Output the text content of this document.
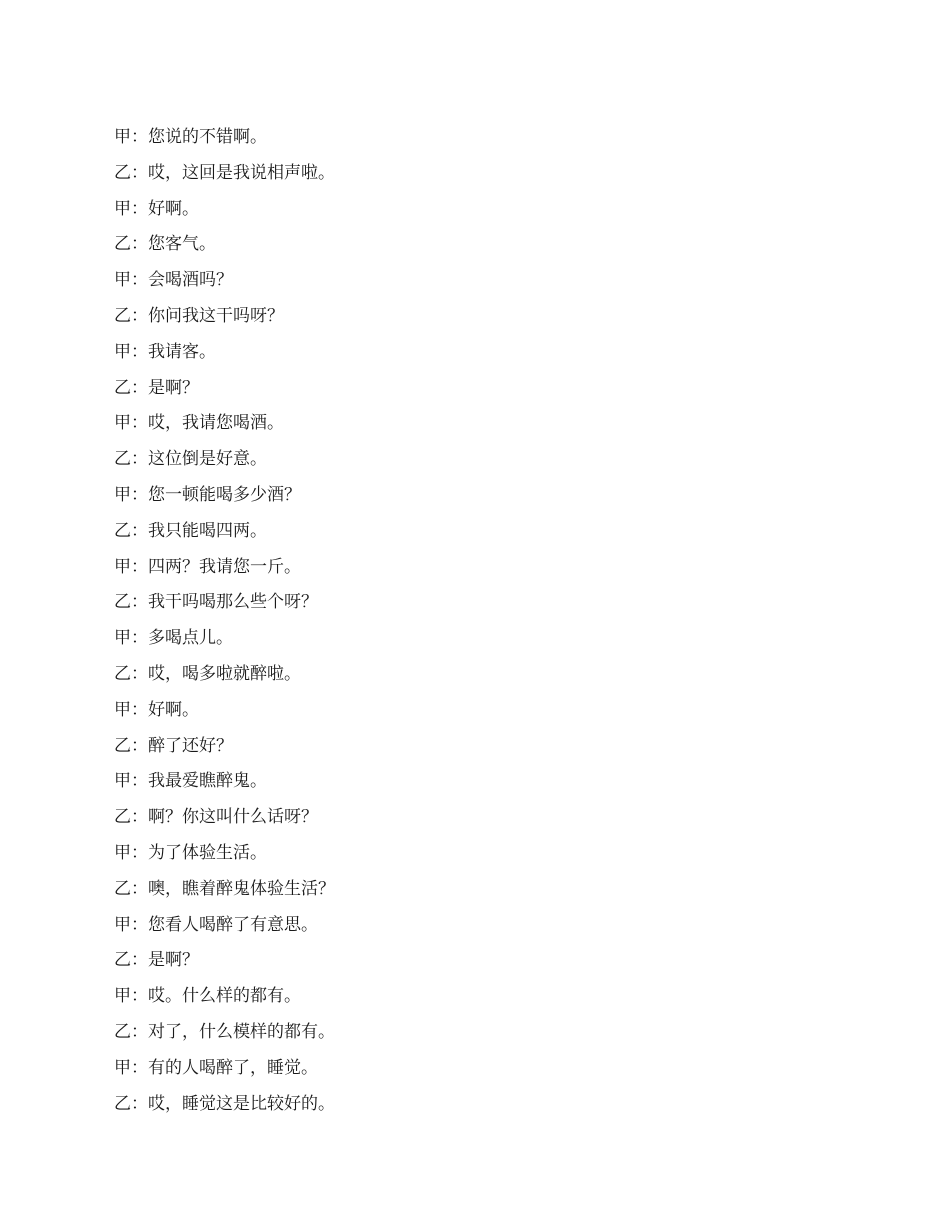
甲：您说的不错啊。
乙：哎，这回是我说相声啦。
甲：好啊。
乙：您客气。
甲：会喝酒吗？
乙：你问我这干吗呀？
甲：我请客。
乙：是啊？
甲：哎，我请您喝酒。
乙：这位倒是好意。
甲：您一顿能喝多少酒？
乙：我只能喝四两。
甲：四两？我请您一斤。
乙：我干吗喝那么些个呀？
甲：多喝点儿。
乙：哎，喝多啦就醉啦。
甲：好啊。
乙：醉了还好？
甲：我最爱瞧醉鬼。
乙：啊？你这叫什么话呀？
甲：为了体验生活。
乙：噢，瞧着醉鬼体验生活？
甲：您看人喝醉了有意思。
乙：是啊？
甲：哎。什么样的都有。
乙：对了，什么模样的都有。
甲：有的人喝醉了，睡觉。
乙：哎，睡觉这是比较好的。
